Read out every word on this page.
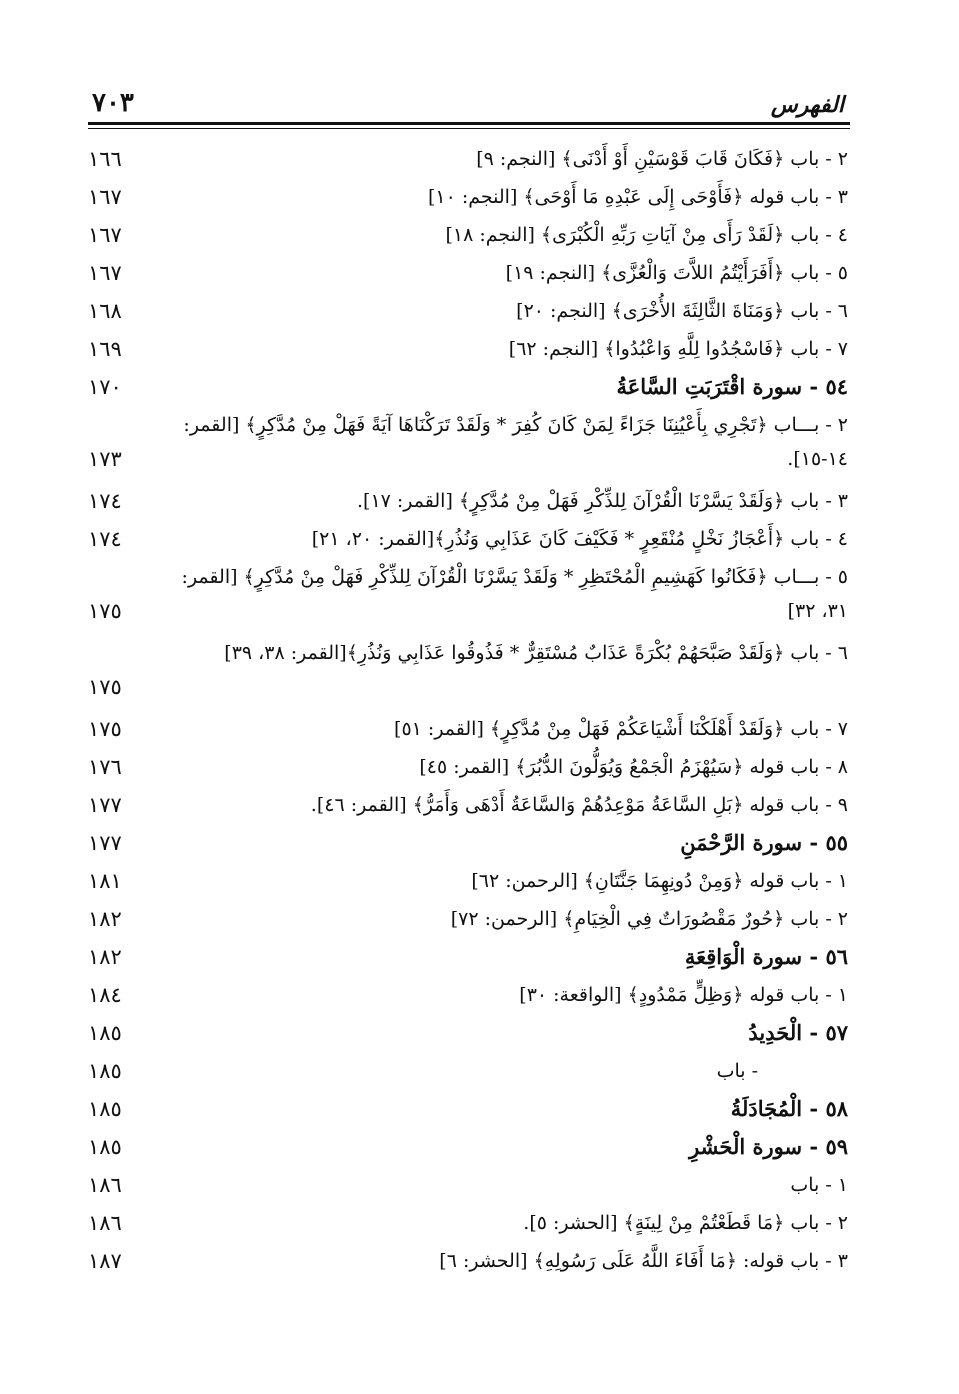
٧٠٣	الفهرس
٢ - باب ﴿فَكَانَ قَابَ قَوْسَيْنِ أَوْ أَدْنَى﴾ [النجم: ٩]
١٦٦
٣ - باب قوله ﴿فَأَوْحَى إِلَى عَبْدِهِ مَا أَوْحَى﴾ [النجم: ١٠]
١٦٧
٤ - باب ﴿لَقَدْ رَأَى مِنْ آيَاتِ رَبِّهِ الْكُبْرَى﴾ [النجم: ١٨]
١٦٧
٥ - باب ﴿أَفَرَأَيْتُمُ اللاَّتَ وَالْعُزَّى﴾ [النجم: ١٩]
١٦٧
٦ - باب ﴿وَمَنَاةَ الثَّالِثَةَ الأُخْرَى﴾ [النجم: ٢٠]
١٦٨
٧ - باب ﴿فَاسْجُدُوا لِلَّهِ وَاعْبُدُوا﴾ [النجم: ٦٢]
١٦٩
٥٤ - سورة اقْتَرَبَتِ السَّاعَةُ
١٧٠
٢ - بـــاب ﴿تَجْرِي بِأَعْيُنِنَا جَزَاءً لِمَنْ كَانَ كُفِرَ * وَلَقَدْ تَرَكْنَاهَا آيَةً فَهَلْ مِنْ مُدَّكِرٍ﴾ [القمر: ١٤-١٥].
١٧٣
٣ - باب ﴿وَلَقَدْ يَسَّرْنَا الْقُرْآنَ لِلذِّكْرِ فَهَلْ مِنْ مُدَّكِرٍ﴾ [القمر: ١٧].
١٧٤
٤ - باب ﴿أَعْجَازُ نَخْلٍ مُنْقَعِرٍ * فَكَيْفَ كَانَ عَذَابِي وَنُذُرِ﴾[القمر: ٢٠، ٢١]
١٧٤
٥ - بـــاب ﴿فَكَانُوا كَهَشِيمِ الْمُحْتَظِرِ * وَلَقَدْ يَسَّرْنَا الْقُرْآنَ لِلذِّكْرِ فَهَلْ مِنْ مُدَّكِرٍ﴾ [القمر: ٣١، ٣٢]
١٧٥
٦ - باب ﴿وَلَقَدْ صَبَّحَهُمْ بُكْرَةً عَذَابٌ مُسْتَقِرٌّ * فَذُوقُوا عَذَابِي وَنُذُرِ﴾[القمر: ٣٨، ٣٩]
١٧٥
٧ - باب ﴿وَلَقَدْ أَهْلَكْنَا أَشْيَاعَكُمْ فَهَلْ مِنْ مُدَّكِرٍ﴾ [القمر: ٥١]
١٧٥
٨ - باب قوله ﴿سَيُهْزَمُ الْجَمْعُ وَيُوَلُّونَ الدُّبُرَ﴾ [القمر: ٤٥]
١٧٦
٩ - باب قوله ﴿بَلِ السَّاعَةُ مَوْعِدُهُمْ وَالسَّاعَةُ أَدْهَى وَأَمَرُّ﴾ [القمر: ٤٦].
١٧٧
٥٥ - سورة الرَّحْمَنِ
١٧٧
١ - باب قوله ﴿وَمِنْ دُونِهِمَا جَنَّتَانِ﴾ [الرحمن: ٦٢]
١٨١
٢ - باب ﴿حُورٌ مَقْصُورَاتٌ فِي الْخِيَامِ﴾ [الرحمن: ٧٢]
١٨٢
٥٦ - سورة الْوَاقِعَةِ
١٨٢
١ - باب قوله ﴿وَظِلٍّ مَمْدُودٍ﴾ [الواقعة: ٣٠]
١٨٤
٥٧ - الْحَدِيدُ
١٨٥
- باب
١٨٥
٥٨ - الْمُجَادَلَةُ
١٨٥
٥٩ - سورة الْحَشْرِ
١٨٥
١ - باب
١٨٦
٢ - باب ﴿مَا قَطَعْتُمْ مِنْ لِينَةٍ﴾ [الحشر: ٥].
١٨٦
٣ - باب قوله: ﴿مَا أَفَاءَ اللَّهُ عَلَى رَسُولِهِ﴾ [الحشر: ٦]
١٨٧
